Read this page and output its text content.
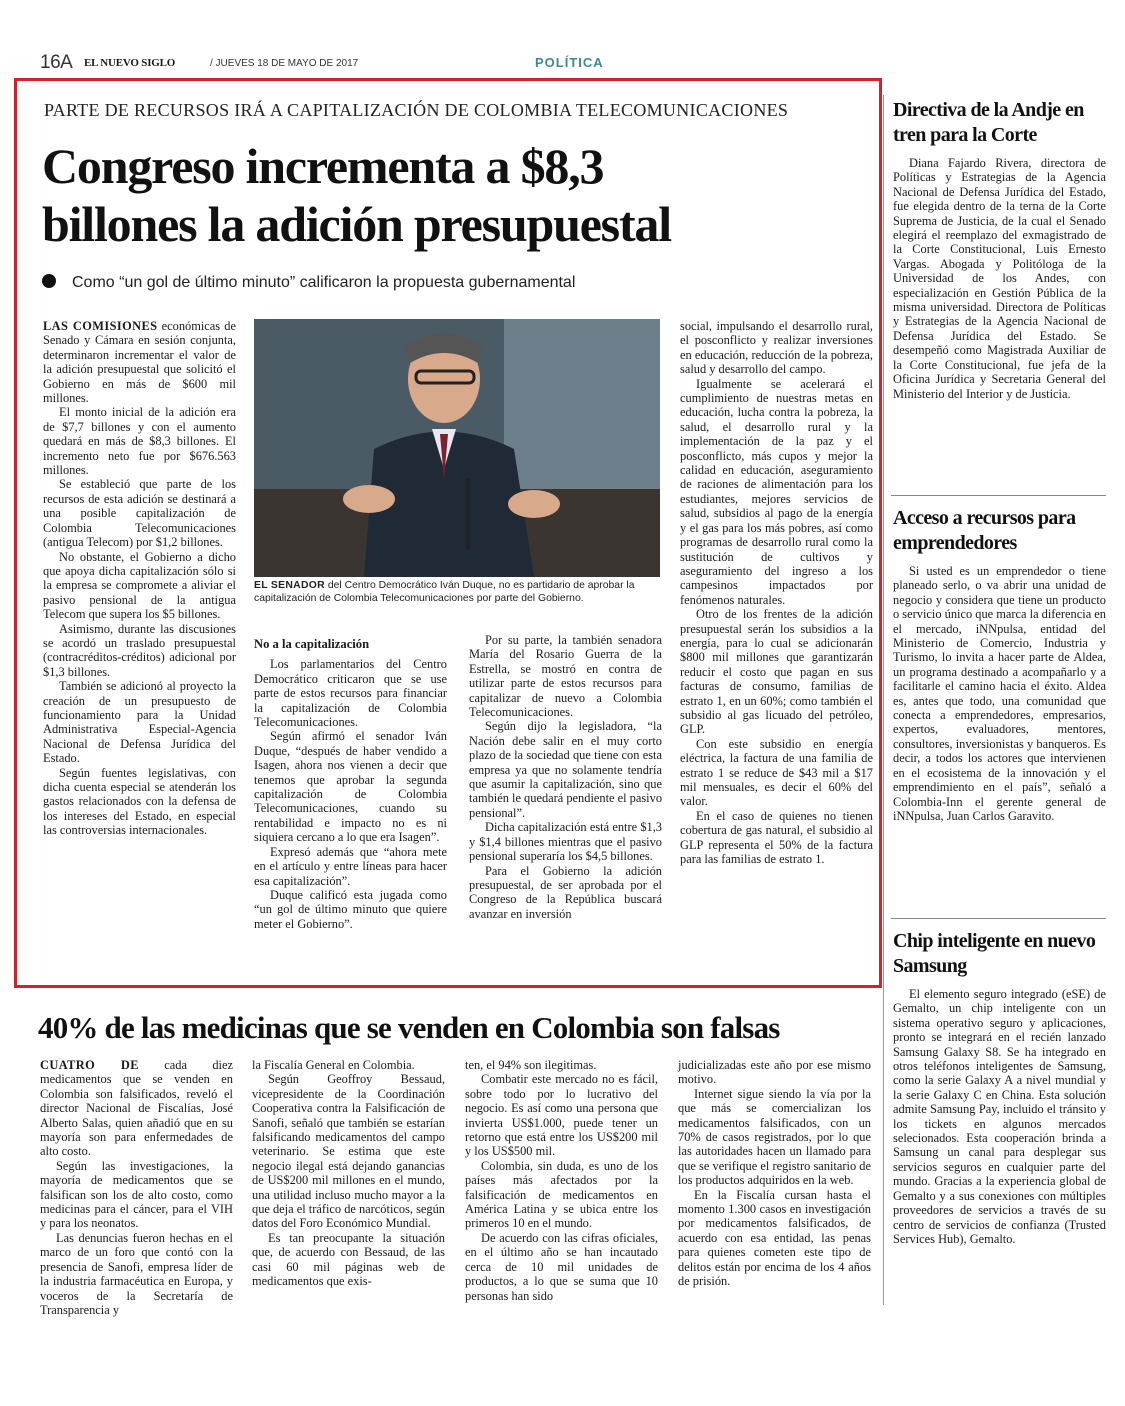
16A EL NUEVO SIGLO	/ JUEVES 18 DE MAYO DE 2017	POLÍTICA
PARTE DE RECURSOS IRÁ A CAPITALIZACIÓN DE COLOMBIA TELECOMUNICACIONES
Congreso incrementa a $8,3
billones la adición presupuestal
Como “un gol de último minuto” calificaron la propuesta gubernamental

LAS COMISIONES económicas de Senado y Cámara en sesión conjunta, determinaron incrementar el valor de la adición presupuestal que solicitó el Gobierno en más de $600 mil millones.

El monto inicial de la adición era de $7,7 billones y con el aumento quedará en más de $8,3 billones. El incremento neto fue por $676.563 millones.

Se estableció que parte de los recursos de esta adición se destinará a una posible capitalización de Colombia Telecomunicaciones (antigua Telecom) por $1,2 billones.

No obstante, el Gobierno a dicho que apoya dicha capitalización sólo si la empresa se compromete a aliviar el pasivo pensional de la antigua Telecom que supera los $5 billones.

Asimismo, durante las discusiones se acordó un traslado presupuestal (contracréditos-créditos) adicional por $1,3 billones.

También se adicionó al proyecto la creación de un presupuesto de funcionamiento para la Unidad Administrativa Especial-Agencia Nacional de Defensa Jurídica del Estado.

Según fuentes legislativas, con dicha cuenta especial se atenderán los gastos relacionados con la defensa de los intereses del Estado, en especial las controversias internacionales.

EL SENADOR del Centro Democrático Iván Duque, no es partidario de aprobar la capitalización de Colombia Telecomunicaciones por parte del Gobierno.
No a la capitalización

Los parlamentarios del Centro Democrático criticaron que se use parte de estos recursos para financiar la capitalización de Colombia Telecomunicaciones.

Según afirmó el senador Iván Duque, “después de haber vendido a Isagen, ahora nos vienen a decir que tenemos que aprobar la segunda capitalización de Colombia Telecomunicaciones, cuando su rentabilidad e impacto no es ni siquiera cercano a lo que era Isagen”.

Expresó además que “ahora mete en el artículo y entre líneas para hacer esa capitalización”.

Duque calificó esta jugada como “un gol de último minuto que quiere meter el Gobierno”.

Por su parte, la también senadora María del Rosario Guerra de la Estrella, se mostró en contra de utilizar parte de estos recursos para capitalizar de nuevo a Colombia Telecomunicaciones.

Según dijo la legisladora, “la Nación debe salir en el muy corto plazo de la sociedad que tiene con esta empresa ya que no solamente tendría que asumir la capitalización, sino que también le quedará pendiente el pasivo pensional”.

Dicha capitalización está entre $1,3 y $1,4 billones mientras que el pasivo pensional superaría los $4,5 billones.

Para el Gobierno la adición presupuestal, de ser aprobada por el Congreso de la República buscará avanzar en inversión

social, impulsando el desarrollo rural, el posconflicto y realizar inversiones en educación, reducción de la pobreza, salud y desarrollo del campo.

Igualmente se acelerará el cumplimiento de nuestras metas en educación, lucha contra la pobreza, la salud, el desarrollo rural y la implementación de la paz y el posconflicto, más cupos y mejor la calidad en educación, aseguramiento de raciones de alimentación para los estudiantes, mejores servicios de salud, subsidios al pago de la energía y el gas para los más pobres, así como programas de desarrollo rural como la sustitución de cultivos y aseguramiento del ingreso a los campesinos impactados por fenómenos naturales.

Otro de los frentes de la adición presupuestal serán los subsidios a la energía, para lo cual se adicionarán $800 mil millones que garantizarán reducir el costo que pagan en sus facturas de consumo, familias de estrato 1, en un 60%; como también el subsidio al gas licuado del petróleo, GLP.

Con este subsidio en energía eléctrica, la factura de una familia de estrato 1 se reduce de $43 mil a $17 mil mensuales, es decir el 60% del valor.

En el caso de quienes no tienen cobertura de gas natural, el subsidio al GLP representa el 50% de la factura para las familias de estrato 1.

40% de las medicinas que se venden en Colombia son falsas

CUATRO DE cada diez medicamentos que se venden en Colombia son falsificados, reveló el director Nacional de Fiscalías, José Alberto Salas, quien añadió que en su mayoría son para enfermedades de alto costo.

Según las investigaciones, la mayoría de medicamentos que se falsifican son los de alto costo, como medicinas para el cáncer, para el VIH y para los neonatos.

Las denuncias fueron hechas en el marco de un foro que contó con la presencia de Sanofi, empresa líder de la industria farmacéutica en Europa, y voceros de la Secretaría de Transparencia y

la Fiscalía General en Colombia.

Según Geoffroy Bessaud, vicepresidente de la Coordinación Cooperativa contra la Falsificación de Sanofi, señaló que también se estarían falsificando medicamentos del campo veterinario. Se estima que este negocio ilegal está dejando ganancias de US$200 mil millones en el mundo, una utilidad incluso mucho mayor a la que deja el tráfico de narcóticos, según datos del Foro Económico Mundial.

Es tan preocupante la situación que, de acuerdo con Bessaud, de las casi 60 mil páginas web de medicamentos que exis-

ten, el 94% son ilegitimas.

Combatir este mercado no es fácil, sobre todo por lo lucrativo del negocio. Es así como una persona que invierta US$1.000, puede tener un retorno que está entre los US$200 mil y los US$500 mil.

Colombia, sin duda, es uno de los países más afectados por la falsificación de medicamentos en América Latina y se ubica entre los primeros 10 en el mundo.

De acuerdo con las cifras oficiales, en el último año se han incautado cerca de 10 mil unidades de productos, a lo que se suma que 10 personas han sido

judicializadas este año por ese mismo motivo.

Internet sigue siendo la vía por la que más se comercializan los medicamentos falsificados, con un 70% de casos registrados, por lo que las autoridades hacen un llamado para que se verifique el registro sanitario de los productos adquiridos en la web.

En la Fiscalía cursan hasta el momento 1.300 casos en investigación por medicamentos falsificados, de acuerdo con esa entidad, las penas para quienes cometen este tipo de delitos están por encima de los 4 años de prisión.

Directiva de la Andje en tren para la Corte

Diana Fajardo Rivera, directora de Políticas y Estrategias de la Agencia Nacional de Defensa Jurídica del Estado, fue elegida dentro de la terna de la Corte Suprema de Justicia, de la cual el Senado elegirá el reemplazo del exmagistrado de la Corte Constitucional, Luis Ernesto Vargas. Abogada y Politóloga de la Universidad de los Andes, con especialización en Gestión Pública de la misma universidad. Directora de Políticas y Estrategias de la Agencia Nacional de Defensa Jurídica del Estado. Se desempeñó como Magistrada Auxiliar de la Corte Constitucional, fue jefa de la Oficina Jurídica y Secretaria General del Ministerio del Interior y de Justicia.

Acceso a recursos para emprendedores

Si usted es un emprendedor o tiene planeado serlo, o va abrir una unidad de negocio y considera que tiene un producto o servicio único que marca la diferencia en el mercado, iNNpulsa, entidad del Ministerio de Comercio, Industria y Turismo, lo invita a hacer parte de Aldea, un programa destinado a acompañarlo y a facilitarle el camino hacia el éxito. Aldea es, antes que todo, una comunidad que conecta a emprendedores, empresarios, expertos, evaluadores, mentores, consultores, inversionistas y banqueros. Es decir, a todos los actores que intervienen en el ecosistema de la innovación y el emprendimiento en el país”, señaló a Colombia-Inn el gerente general de iNNpulsa, Juan Carlos Garavito.

Chip inteligente en nuevo Samsung

El elemento seguro integrado (eSE) de Gemalto, un chip inteligente con un sistema operativo seguro y aplicaciones, pronto se integrará en el recién lanzado Samsung Galaxy S8. Se ha integrado en otros teléfonos inteligentes de Samsung, como la serie Galaxy A a nivel mundial y la serie Galaxy C en China. Esta solución admite Samsung Pay, incluido el tránsito y los tickets en algunos mercados selecionados. Esta cooperación brinda a Samsung un canal para desplegar sus servicios seguros en cualquier parte del mundo. Gracias a la experiencia global de Gemalto y a sus conexiones con múltiples proveedores de servicios a través de su centro de servicios de confianza (Trusted Services Hub), Gemalto.
